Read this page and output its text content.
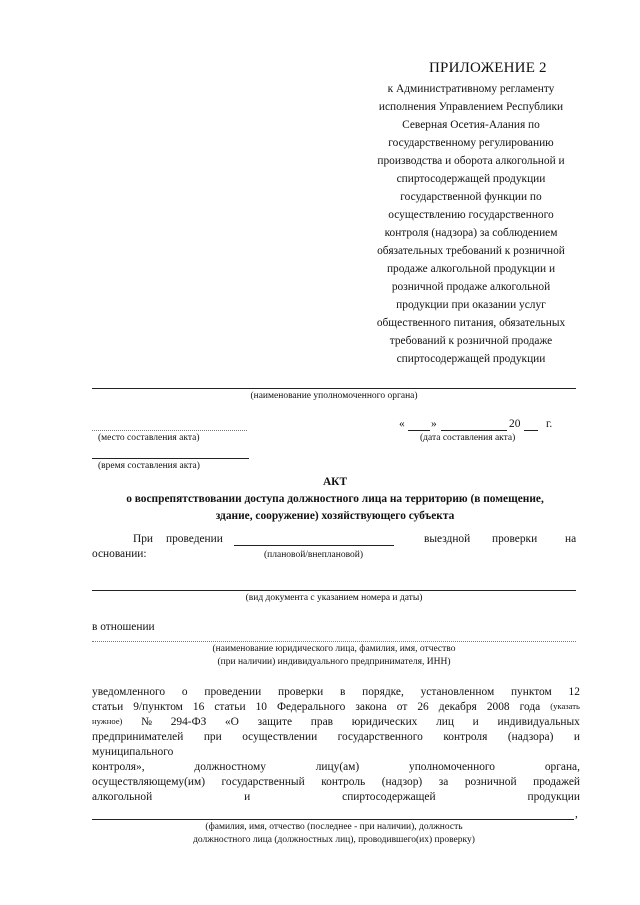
ПРИЛОЖЕНИЕ 2
к Административному регламенту
исполнения Управлением Республики
Северная Осетия-Алания по
государственному регулированию
производства и оборота алкогольной и
спиртосодержащей продукции
государственной функции по
осуществлению государственного
контроля (надзора) за соблюдением
обязательных требований к розничной
продаже алкогольной продукции и
розничной продаже алкогольной
продукции при оказании услуг
общественного питания, обязательных
требований к розничной продаже
спиртосодержащей продукции
(наименование уполномоченного органа)
(место составления акта)
« »	20 г.
(дата составления акта)
(время составления акта)
АКТ
о воспрепятствовании доступа должностного лица на территорию (в помещение,
здание, сооружение) хозяйствующего субъекта
При проведении	выездной проверки на
основании:	(плановой/внеплановой)
(вид документа с указанием номера и даты)
в отношении
(наименование юридического лица, фамилия, имя, отчество
(при наличии) индивидуального предпринимателя, ИНН)
уведомленного о проведении проверки в порядке, установленном пунктом 12
статьи 9/пунктом 16 статьи 10 Федерального закона от 26 декабря 2008 года (указать
нужное) № 294-ФЗ «О защите прав юридических лиц и индивидуальных
предпринимателей при осуществлении государственного контроля (надзора) и
муниципального
контроля»,	должностному	лицу(ам)	уполномоченного	органа,
осуществляющему(им) государственный контроль (надзор) за розничной продажей
алкогольной	и	спиртосодержащей	продукции
,
(фамилия, имя, отчество (последнее - при наличии), должность
должностного лица (должностных лиц), проводившего(их) проверку)
